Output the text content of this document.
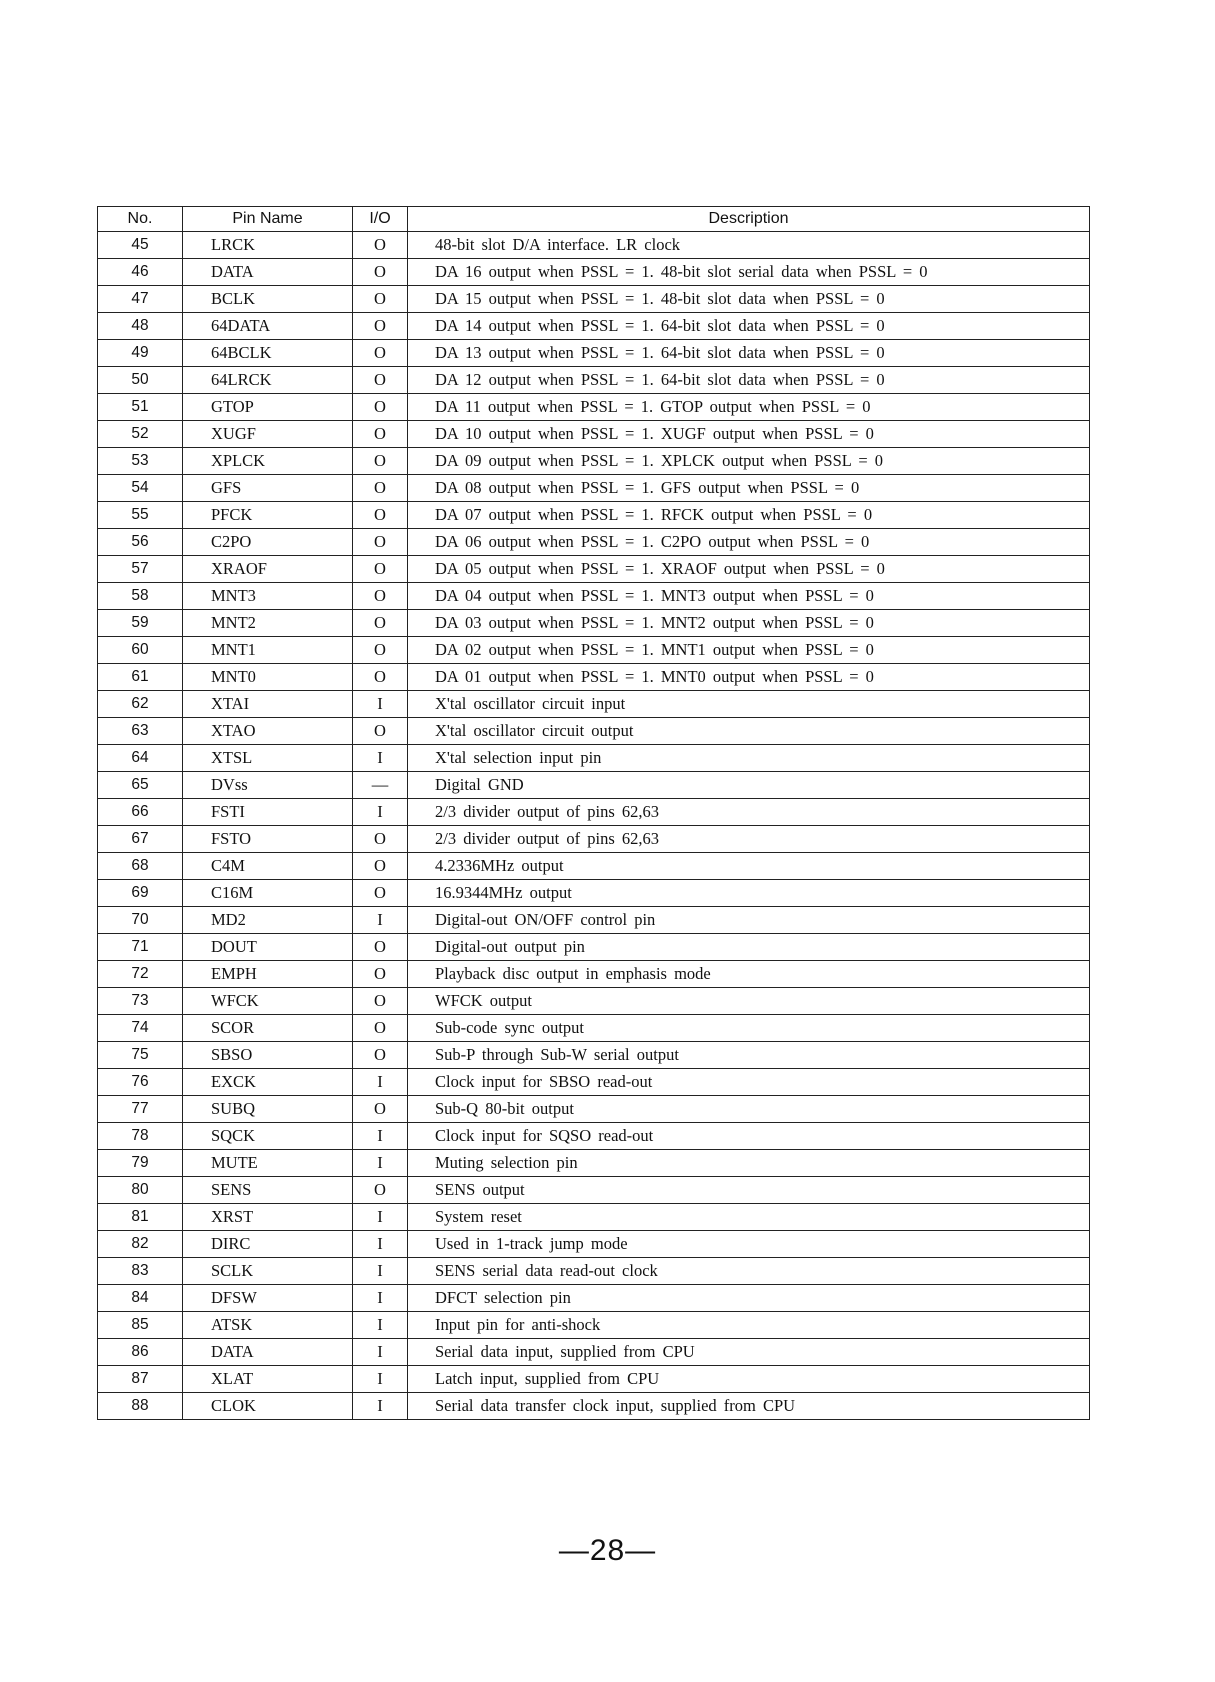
No.	Pin Name	I/O	Description
45	LRCK	O	48-bit slot D/A interface. LR clock
46	DATA	O	DA 16 output when PSSL = 1. 48-bit slot serial data when PSSL = 0
47	BCLK	O	DA 15 output when PSSL = 1. 48-bit slot data when PSSL = 0
48	64DATA	O	DA 14 output when PSSL = 1. 64-bit slot data when PSSL = 0
49	64BCLK	O	DA 13 output when PSSL = 1. 64-bit slot data when PSSL = 0
50	64LRCK	O	DA 12 output when PSSL = 1. 64-bit slot data when PSSL = 0
51	GTOP	O	DA 11 output when PSSL = 1. GTOP output when PSSL = 0
52	XUGF	O	DA 10 output when PSSL = 1. XUGF output when PSSL = 0
53	XPLCK	O	DA 09 output when PSSL = 1. XPLCK output when PSSL = 0
54	GFS	O	DA 08 output when PSSL = 1. GFS output when PSSL = 0
55	PFCK	O	DA 07 output when PSSL = 1. RFCK output when PSSL = 0
56	C2PO	O	DA 06 output when PSSL = 1. C2PO output when PSSL = 0
57	XRAOF	O	DA 05 output when PSSL = 1. XRAOF output when PSSL = 0
58	MNT3	O	DA 04 output when PSSL = 1. MNT3 output when PSSL = 0
59	MNT2	O	DA 03 output when PSSL = 1. MNT2 output when PSSL = 0
60	MNT1	O	DA 02 output when PSSL = 1. MNT1 output when PSSL = 0
61	MNT0	O	DA 01 output when PSSL = 1. MNT0 output when PSSL = 0
62	XTAI	I	X'tal oscillator circuit input
63	XTAO	O	X'tal oscillator circuit output
64	XTSL	I	X'tal selection input pin
65	DVss	—	Digital GND
66	FSTI	I	2/3 divider output of pins 62,63
67	FSTO	O	2/3 divider output of pins 62,63
68	C4M	O	4.2336MHz output
69	C16M	O	16.9344MHz output
70	MD2	I	Digital-out ON/OFF control pin
71	DOUT	O	Digital-out output pin
72	EMPH	O	Playback disc output in emphasis mode
73	WFCK	O	WFCK output
74	SCOR	O	Sub-code sync output
75	SBSO	O	Sub-P through Sub-W serial output
76	EXCK	I	Clock input for SBSO read-out
77	SUBQ	O	Sub-Q 80-bit output
78	SQCK	I	Clock input for SQSO read-out
79	MUTE	I	Muting selection pin
80	SENS	O	SENS output
81	XRST	I	System reset
82	DIRC	I	Used in 1-track jump mode
83	SCLK	I	SENS serial data read-out clock
84	DFSW	I	DFCT selection pin
85	ATSK	I	Input pin for anti-shock
86	DATA	I	Serial data input, supplied from CPU
87	XLAT	I	Latch input, supplied from CPU
88	CLOK	I	Serial data transfer clock input, supplied from CPU
—28—
